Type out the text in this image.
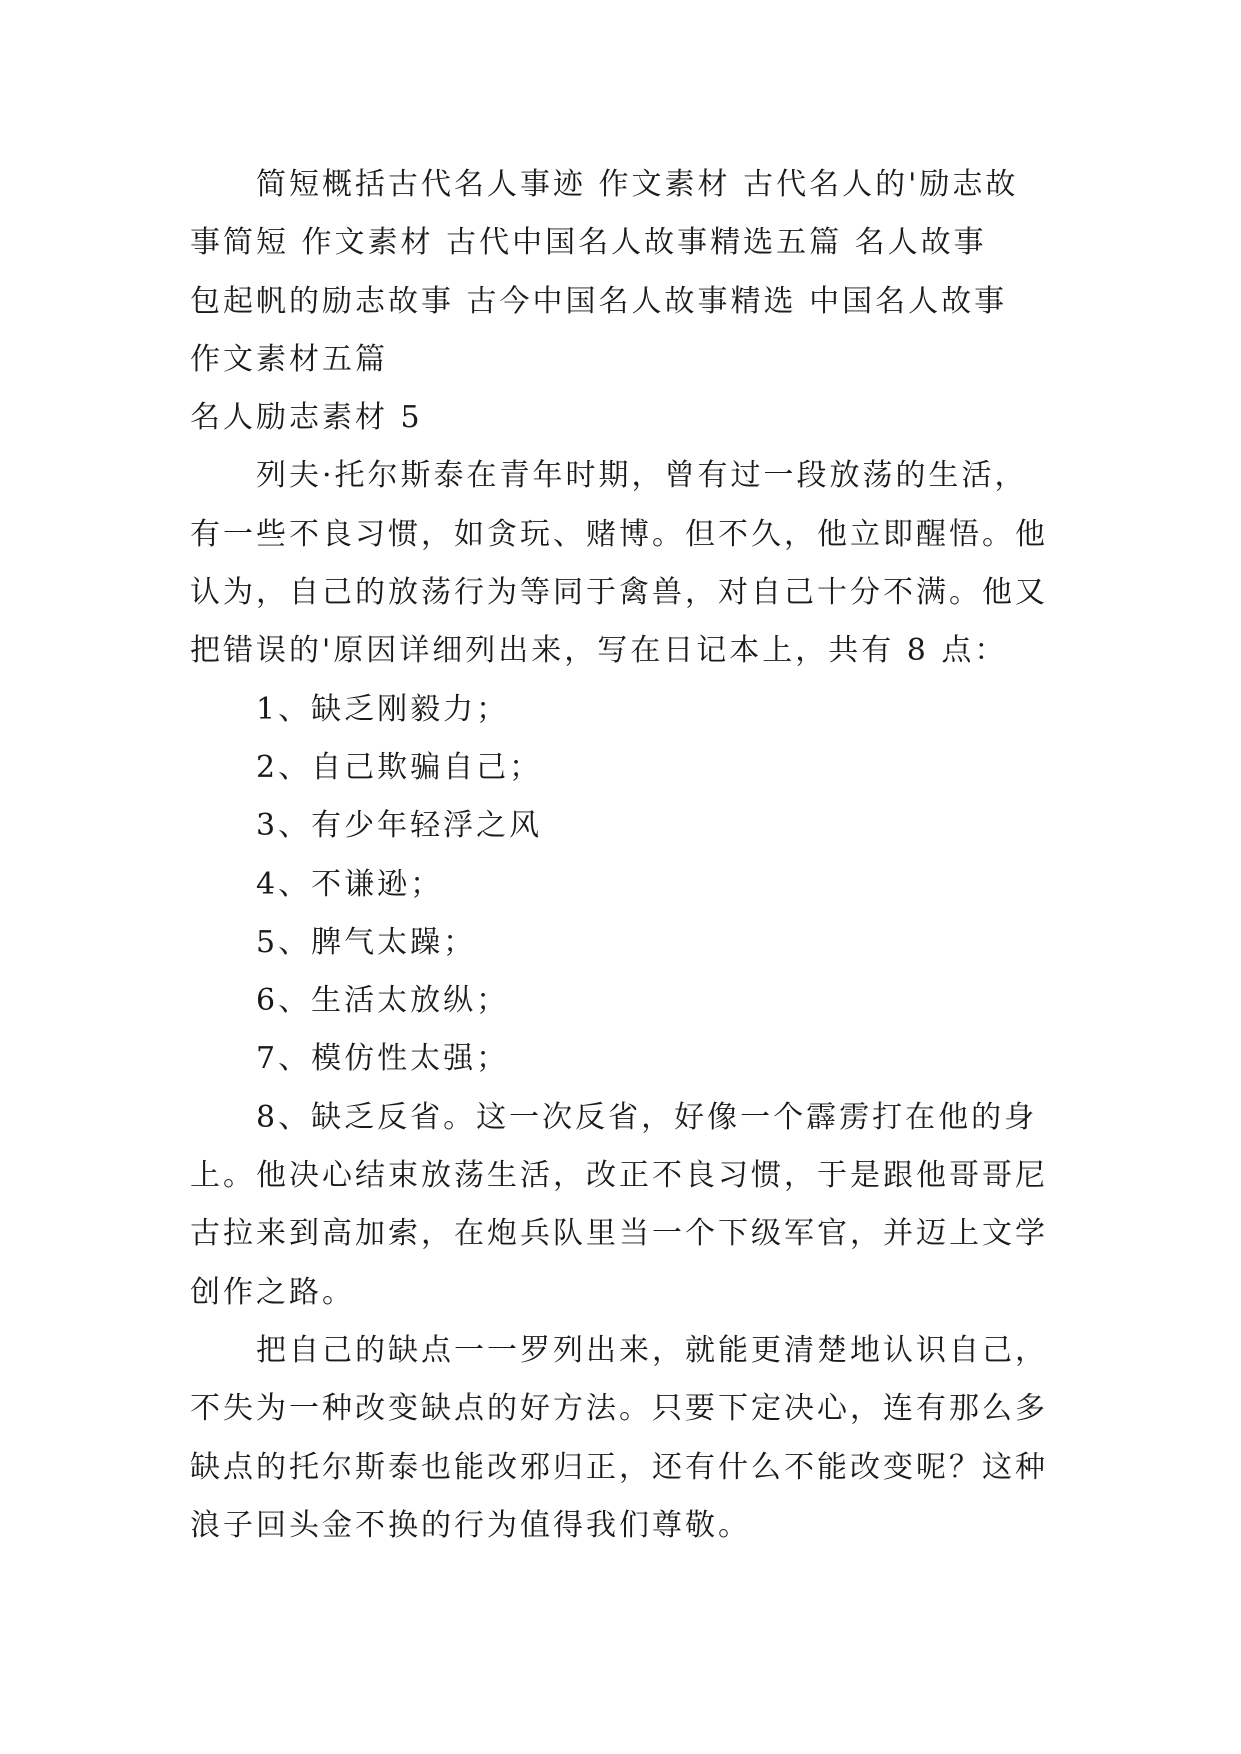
简短概括古代名人事迹 作文素材 古代名人的'励志故
事简短 作文素材 古代中国名人故事精选五篇 名人故事
包起帆的励志故事 古今中国名人故事精选 中国名人故事
作文素材五篇
名人励志素材 5
列夫·托尔斯泰在青年时期，曾有过一段放荡的生活，
有一些不良习惯，如贪玩、赌博。但不久，他立即醒悟。他
认为，自己的放荡行为等同于禽兽，对自己十分不满。他又
把错误的'原因详细列出来，写在日记本上，共有 8 点：
1、缺乏刚毅力；
2、自己欺骗自己；
3、有少年轻浮之风
4、不谦逊；
5、脾气太躁；
6、生活太放纵；
7、模仿性太强；
8、缺乏反省。这一次反省，好像一个霹雳打在他的身
上。他决心结束放荡生活，改正不良习惯，于是跟他哥哥尼
古拉来到高加索，在炮兵队里当一个下级军官，并迈上文学
创作之路。
把自己的缺点一一罗列出来，就能更清楚地认识自己，
不失为一种改变缺点的好方法。只要下定决心，连有那么多
缺点的托尔斯泰也能改邪归正，还有什么不能改变呢？这种
浪子回头金不换的行为值得我们尊敬。
